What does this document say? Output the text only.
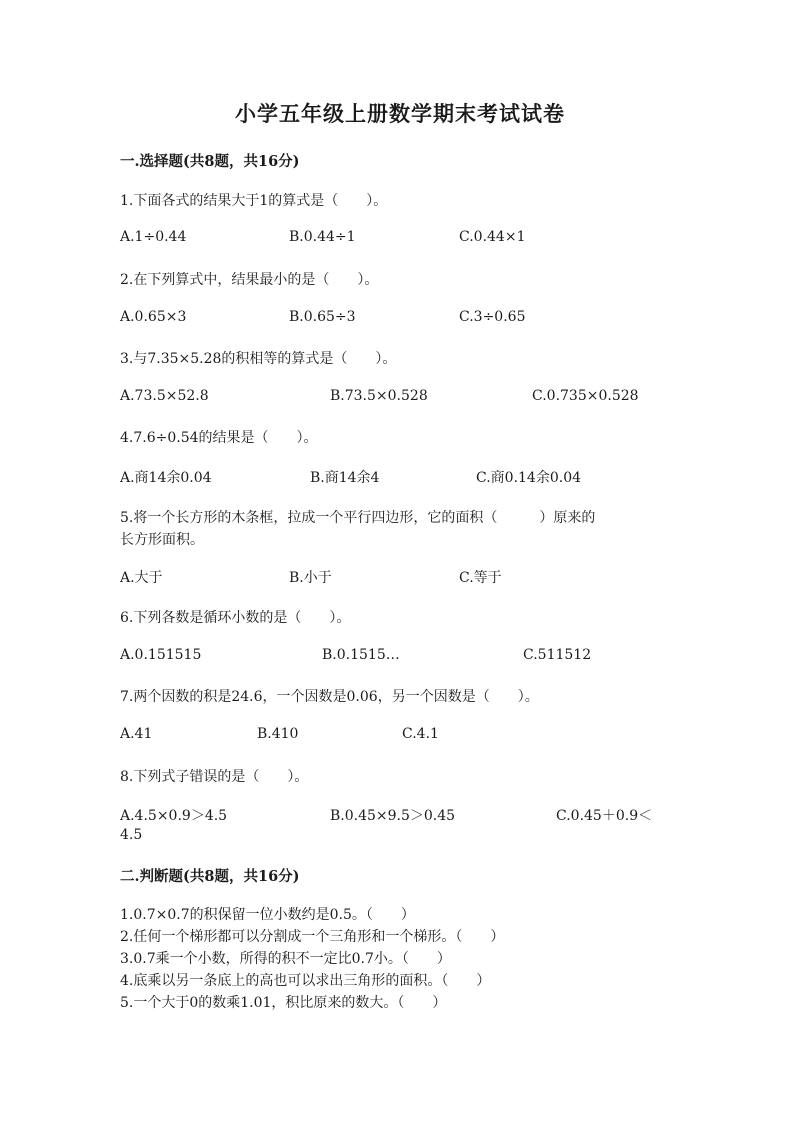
小学五年级上册数学期末考试试卷
一.选择题(共8题，共16分)
1.下面各式的结果大于1的算式是（　　）。
A.1÷0.44	B.0.44÷1	C.0.44×1
2.在下列算式中，结果最小的是（　　）。
A.0.65×3	B.0.65÷3	C.3÷0.65
3.与7.35×5.28的积相等的算式是（　　）。
A.73.5×52.8	B.73.5×0.528	C.0.735×0.528
4.7.6÷0.54的结果是（　　）。
A.商14余0.04	B.商14余4	C.商0.14余0.04
5.将一个长方形的木条框，拉成一个平行四边形，它的面积（　　　）原来的
长方形面积。
A.大于	B.小于	C.等于
6.下列各数是循环小数的是（　　）。
A.0.151515	B.0.1515…	C.511512
7.两个因数的积是24.6，一个因数是0.06，另一个因数是（　　）。
A.41	B.410	C.4.1
8.下列式子错误的是（　　）。
A.4.5×0.9＞4.5	B.0.45×9.5＞0.45	C.0.45＋0.9＜
4.5
二.判断题(共8题，共16分)
1.0.7×0.7的积保留一位小数约是0.5。（　　）
2.任何一个梯形都可以分割成一个三角形和一个梯形。（　　）
3.0.7乘一个小数，所得的积不一定比0.7小。（　　）
4.底乘以另一条底上的高也可以求出三角形的面积。（　　）
5.一个大于0的数乘1.01，积比原来的数大。（　　）
